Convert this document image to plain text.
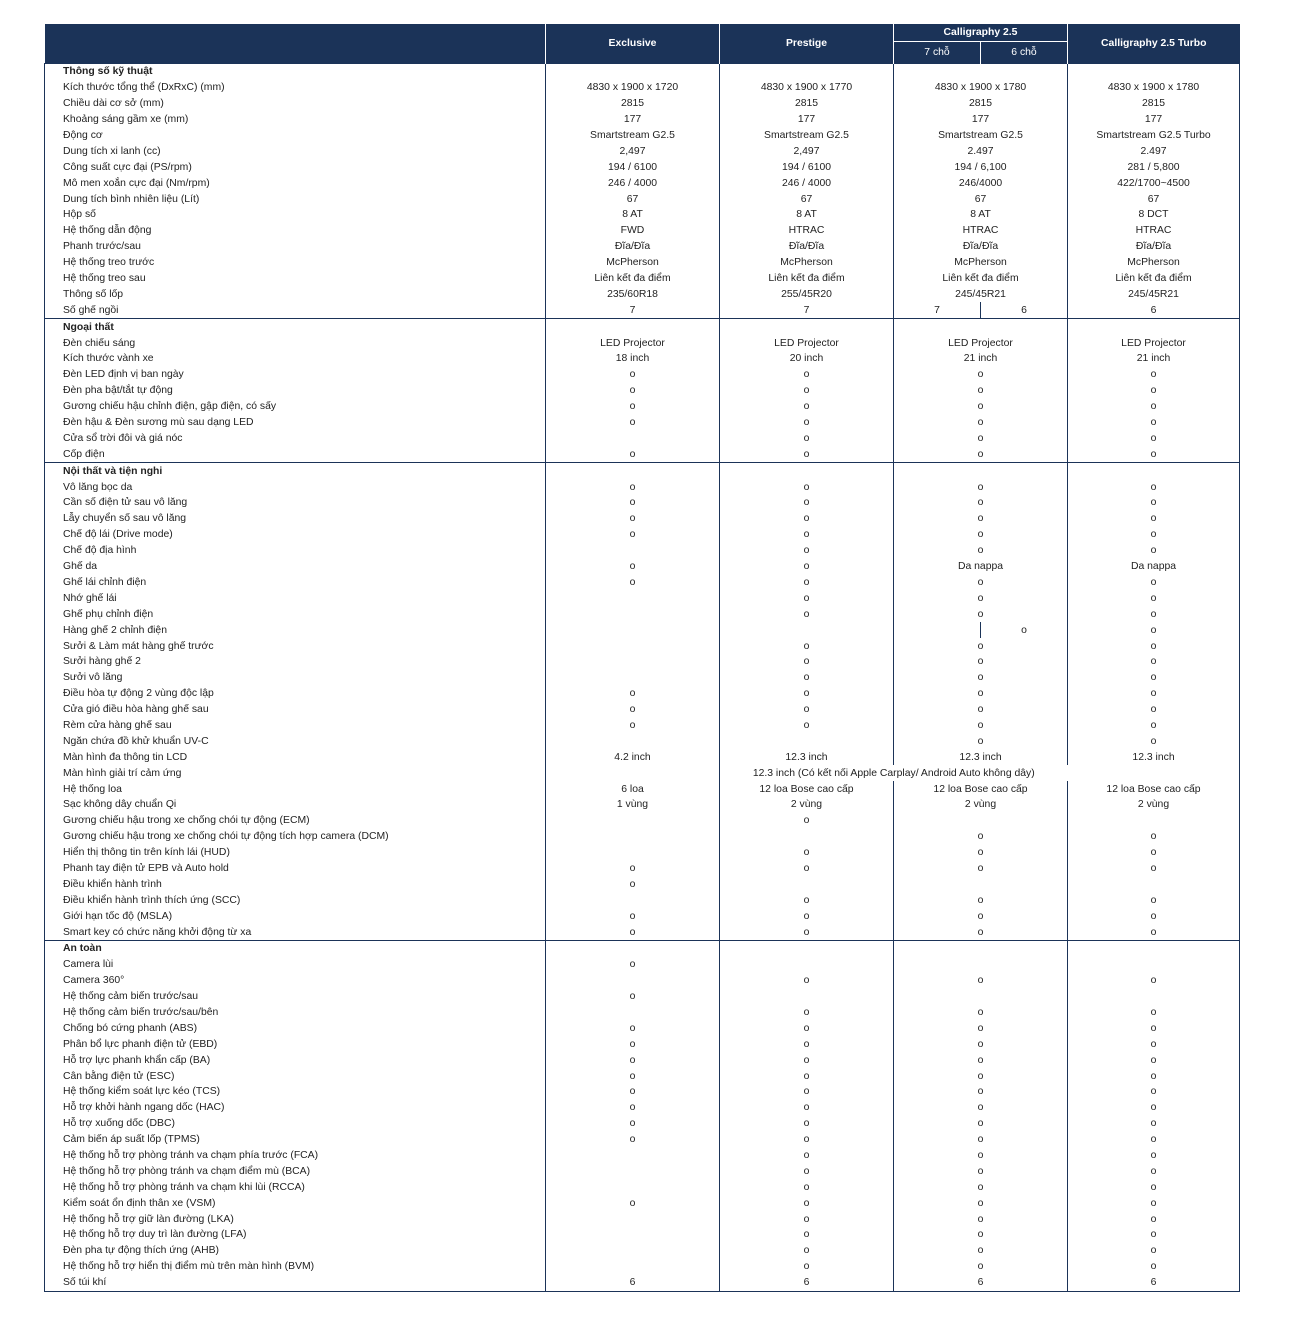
	Exclusive	Prestige	Calligraphy 2.5		Calligraphy 2.5 Turbo
			7 chỗ	6 chỗ	
Thông số kỹ thuật					
Kích thước tổng thể (DxRxC) (mm)	4830 x 1900 x 1720	4830 x 1900 x 1770	4830 x 1900 x 1780		4830 x 1900 x 1780
Chiều dài cơ sở (mm)	2815	2815	2815		2815
Khoảng sáng gầm xe (mm)	177	177	177		177
Động cơ	Smartstream G2.5	Smartstream G2.5	Smartstream G2.5		Smartstream G2.5 Turbo
Dung tích xi lanh (cc)	2,497	2,497	2.497		2.497
Công suất cực đại (PS/rpm)	194 / 6100	194 / 6100	194 / 6,100		281 / 5,800
Mô men xoắn cực đại (Nm/rpm)	246 / 4000	246 / 4000	246/4000		422/1700~4500
Dung tích bình nhiên liệu (Lít)	67	67	67		67
Hộp số	8 AT	8 AT	8 AT		8 DCT
Hệ thống dẫn động	FWD	HTRAC	HTRAC		HTRAC
Phanh trước/sau	Đĩa/Đĩa	Đĩa/Đĩa	Đĩa/Đĩa		Đĩa/Đĩa
Hệ thống treo trước	McPherson	McPherson	McPherson		McPherson
Hệ thống treo sau	Liên kết đa điểm	Liên kết đa điểm	Liên kết đa điểm		Liên kết đa điểm
Thông số lốp	235/60R18	255/45R20	245/45R21		245/45R21
Số ghế ngồi	7	7	7	6	6
Ngoại thất					
Đèn chiếu sáng	LED Projector	LED Projector	LED Projector		LED Projector
Kích thước vành xe	18 inch	20 inch	21 inch		21 inch
Đèn LED định vị ban ngày	o	o	o		o
Đèn pha bật/tắt tự động	o	o	o		o
Gương chiếu hậu chỉnh điện, gập điện, có sấy	o	o	o		o
Đèn hậu & Đèn sương mù sau dạng LED	o	o	o		o
Cửa sổ trời đôi và giá nóc		o	o		o
Cốp điện	o	o	o		o
Nội thất và tiện nghi					
Vô lăng bọc da	o	o	o		o
Cần số điện tử sau vô lăng	o	o	o		o
Lẫy chuyển số sau vô lăng	o	o	o		o
Chế độ lái (Drive mode)	o	o	o		o
Chế độ địa hình		o	o		o
Ghế da	o	o	Da nappa		Da nappa
Ghế lái chỉnh điện	o	o	o		o
Nhớ ghế lái		o	o		o
Ghế phụ chỉnh điện		o	o		o
Hàng ghế 2 chỉnh điện				o	o
Sưởi & Làm mát hàng ghế trước		o	o		o
Sưởi hàng ghế 2		o	o		o
Sưởi vô lăng		o	o		o
Điều hòa tự động 2 vùng độc lập	o	o	o		o
Cửa gió điều hòa hàng ghế sau	o	o	o		o
Rèm cửa hàng ghế sau	o	o	o		o
Ngăn chứa đồ khử khuẩn UV-C			o		o
Màn hình đa thông tin LCD	4.2 inch	12.3 inch	12.3 inch		12.3 inch
Màn hình giải trí cảm ứng		12.3 inch (Có kết nối Apple Carplay/ Android Auto không dây)			
Hệ thống loa	6 loa	12 loa Bose cao cấp	12 loa Bose cao cấp		12 loa Bose cao cấp
Sạc không dây chuẩn Qi	1 vùng	2 vùng	2 vùng		2 vùng
Gương chiếu hậu trong xe chống chói tự động (ECM)		o			
Gương chiếu hậu trong xe chống chói tự động tích hợp camera (DCM)			o		o
Hiển thị thông tin trên kính lái (HUD)		o	o		o
Phanh tay điện tử EPB và Auto hold	o	o	o		o
Điều khiển hành trình	o				
Điều khiển hành trình thích ứng (SCC)		o	o		o
Giới hạn tốc độ (MSLA)	o	o	o		o
Smart key có chức năng khởi động từ xa	o	o	o		o
An toàn					
Camera lùi	o				
Camera 360°		o	o		o
Hệ thống cảm biến trước/sau	o				
Hệ thống cảm biến trước/sau/bên		o	o		o
Chống bó cứng phanh (ABS)	o	o	o		o
Phân bổ lực phanh điện tử (EBD)	o	o	o		o
Hỗ trợ lực phanh khẩn cấp (BA)	o	o	o		o
Cân bằng điện tử (ESC)	o	o	o		o
Hệ thống kiểm soát lực kéo (TCS)	o	o	o		o
Hỗ trợ khởi hành ngang dốc (HAC)	o	o	o		o
Hỗ trợ xuống dốc (DBC)	o	o	o		o
Cảm biến áp suất lốp (TPMS)	o	o	o		o
Hệ thống hỗ trợ phòng tránh va chạm phía trước (FCA)		o	o		o
Hệ thống hỗ trợ phòng tránh va chạm điểm mù (BCA)		o	o		o
Hệ thống hỗ trợ phòng tránh va chạm khi lùi (RCCA)		o	o		o
Kiểm soát ổn định thân xe (VSM)	o	o	o		o
Hệ thống hỗ trợ giữ làn đường (LKA)		o	o		o
Hệ thống hỗ trợ duy trì làn đường (LFA)		o	o		o
Đèn pha tự động thích ứng (AHB)		o	o		o
Hệ thống hỗ trợ hiển thị điểm mù trên màn hình (BVM)		o	o		o
Số túi khí	6	6	6		6
